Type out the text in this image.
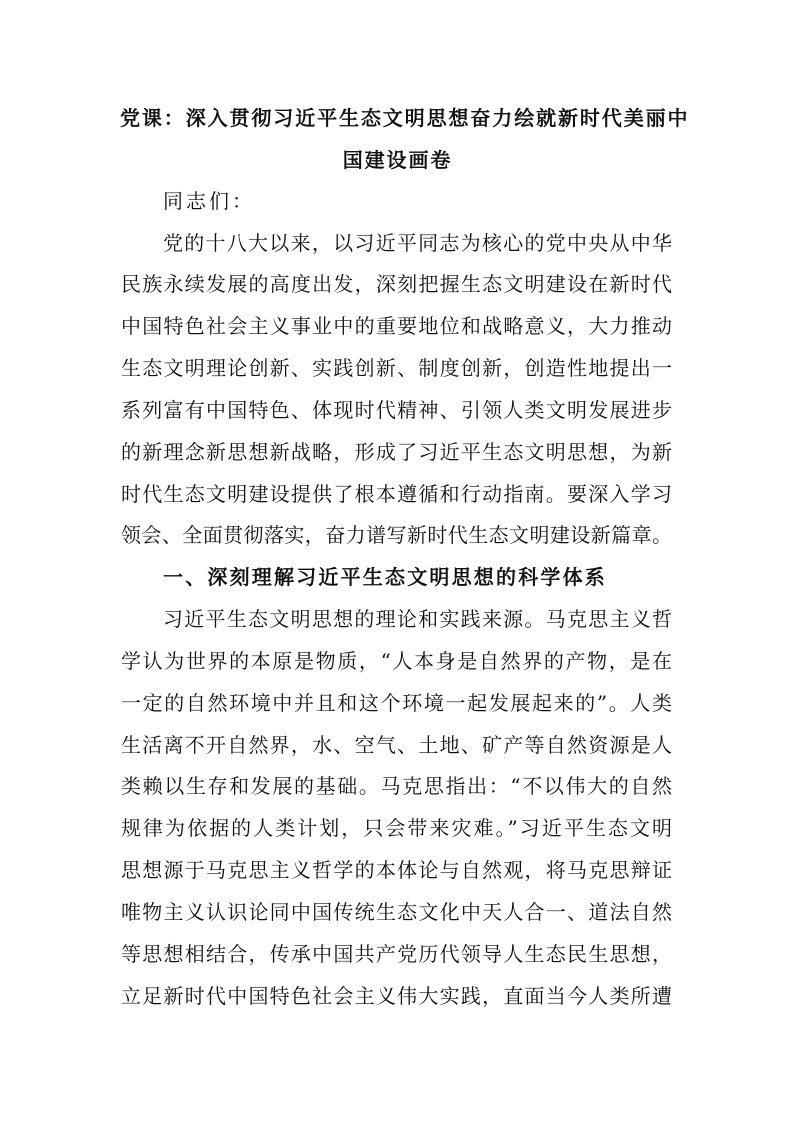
党课：深入贯彻习近平生态文明思想奋力绘就新时代美丽中
国建设画卷
同志们：
党的十八大以来，以习近平同志为核心的党中央从中华
民族永续发展的高度出发，深刻把握生态文明建设在新时代
中国特色社会主义事业中的重要地位和战略意义，大力推动
生态文明理论创新、实践创新、制度创新，创造性地提出一
系列富有中国特色、体现时代精神、引领人类文明发展进步
的新理念新思想新战略，形成了习近平生态文明思想，为新
时代生态文明建设提供了根本遵循和行动指南。要深入学习
领会、全面贯彻落实，奋力谱写新时代生态文明建设新篇章。
一、深刻理解习近平生态文明思想的科学体系
习近平生态文明思想的理论和实践来源。马克思主义哲
学认为世界的本原是物质，“人本身是自然界的产物，是在
一定的自然环境中并且和这个环境一起发展起来的”。人类
生活离不开自然界，水、空气、土地、矿产等自然资源是人
类赖以生存和发展的基础。马克思指出：“不以伟大的自然
规律为依据的人类计划，只会带来灾难。”习近平生态文明
思想源于马克思主义哲学的本体论与自然观，将马克思辩证
唯物主义认识论同中国传统生态文化中天人合一、道法自然
等思想相结合，传承中国共产党历代领导人生态民生思想，
立足新时代中国特色社会主义伟大实践，直面当今人类所遭
